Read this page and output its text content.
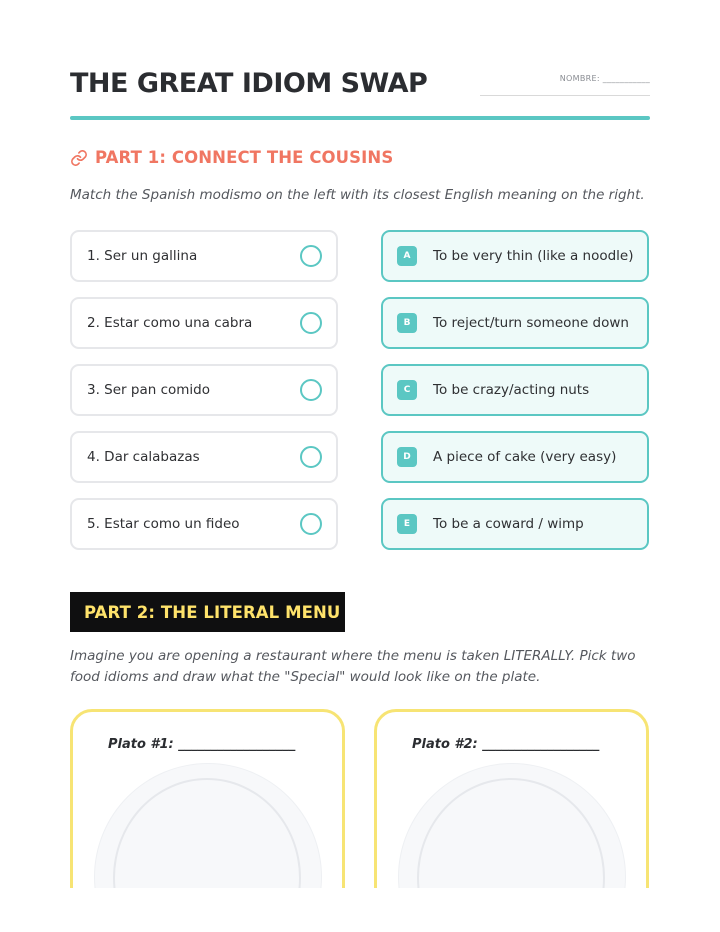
THE GREAT IDIOM SWAP	NOMBRE: ___________
PART 1: CONNECT THE COUSINS
Match the Spanish modismo on the left with its closest English meaning on the right.
1. Ser un gallina
2. Estar como una cabra
3. Ser pan comido
4. Dar calabazas
5. Estar como un fideo
A	To be very thin (like a noodle)
B	To reject/turn someone down
C	To be crazy/acting nuts
D	A piece of cake (very easy)
E	To be a coward / wimp
PART 2: THE LITERAL MENU
Imagine you are opening a restaurant where the menu is taken LITERALLY. Pick two food idioms and draw what the "Special" would look like on the plate.
Plato #1: __________________	Plato #2: __________________
